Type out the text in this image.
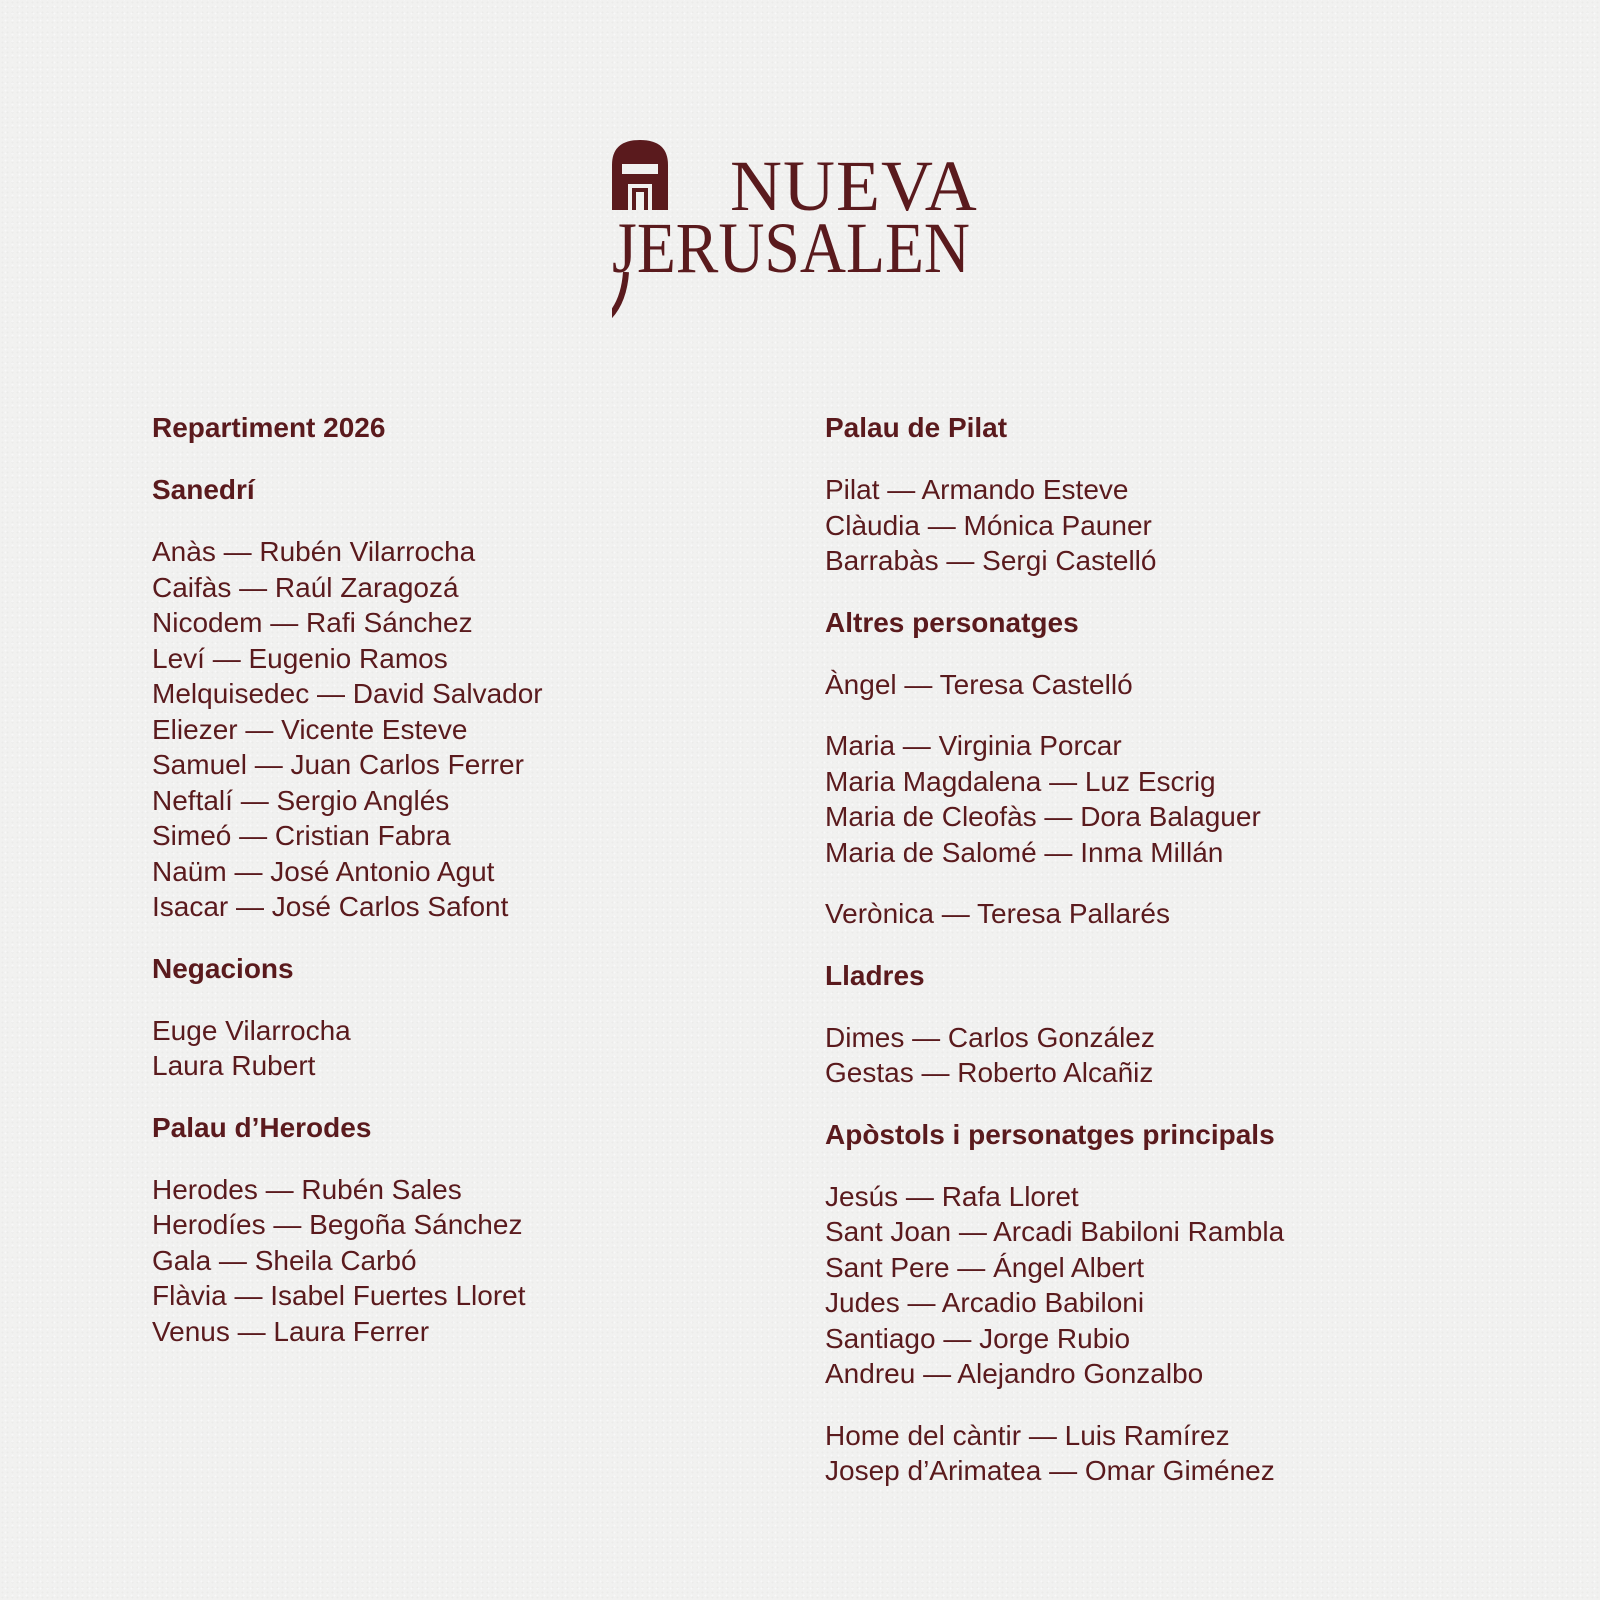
NUEVA
JERUSALEN
Repartiment 2026
Sanedrí
Anàs — Rubén Vilarrocha
Caifàs — Raúl Zaragozá
Nicodem — Rafi Sánchez
Leví — Eugenio Ramos
Melquisedec — David Salvador
Eliezer — Vicente Esteve
Samuel — Juan Carlos Ferrer
Neftalí — Sergio Anglés
Simeó — Cristian Fabra
Naüm — José Antonio Agut
Isacar — José Carlos Safont
Negacions
Euge Vilarrocha
Laura Rubert
Palau d’Herodes
Herodes — Rubén Sales
Herodíes — Begoña Sánchez
Gala — Sheila Carbó
Flàvia — Isabel Fuertes Lloret
Venus — Laura Ferrer
Palau de Pilat
Pilat — Armando Esteve
Clàudia — Mónica Pauner
Barrabàs — Sergi Castelló
Altres personatges
Àngel — Teresa Castelló
Maria — Virginia Porcar
Maria Magdalena — Luz Escrig
Maria de Cleofàs — Dora Balaguer
Maria de Salomé — Inma Millán
Verònica — Teresa Pallarés
Lladres
Dimes — Carlos González
Gestas — Roberto Alcañiz
Apòstols i personatges principals
Jesús — Rafa Lloret
Sant Joan — Arcadi Babiloni Rambla
Sant Pere — Ángel Albert
Judes — Arcadio Babiloni
Santiago — Jorge Rubio
Andreu — Alejandro Gonzalbo
Home del càntir — Luis Ramírez
Josep d’Arimatea — Omar Giménez
